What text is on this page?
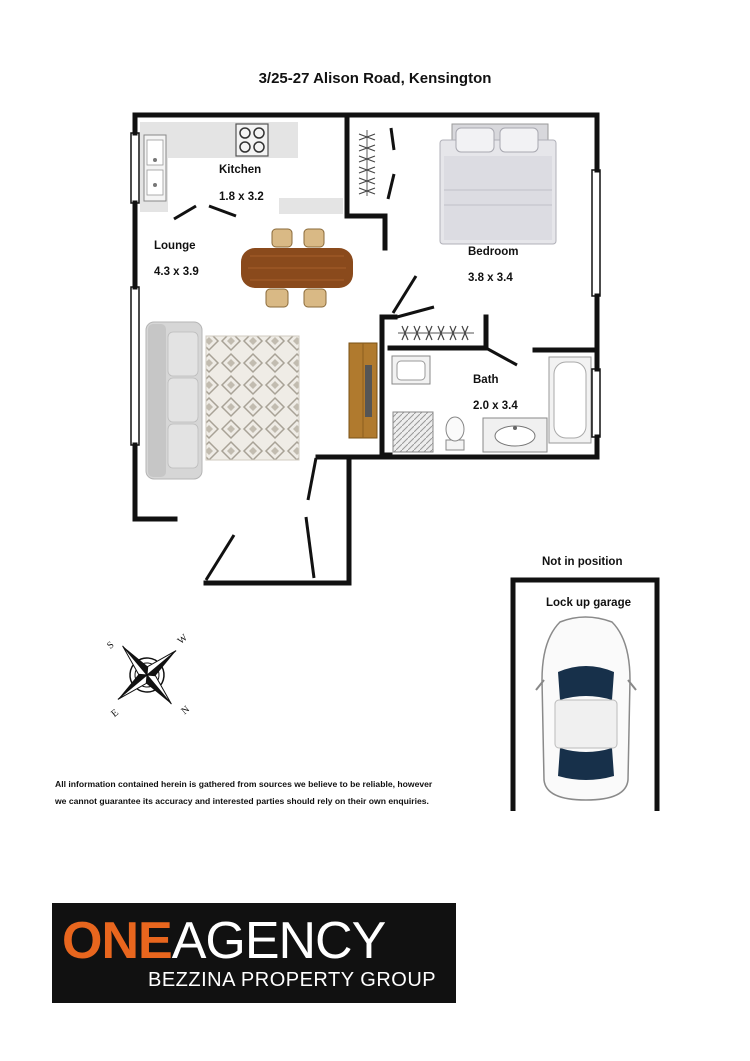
3/25-27 Alison Road, Kensington
Kitchen
1.8 x 3.2
Lounge
4.3 x 3.9
Bedroom
3.8 x 3.4
Bath
2.0 x 3.4
Not in position
Lock up garage
S	W
E	N
All information contained herein is gathered from sources we believe to be reliable, however we cannot guarantee its accuracy and interested parties should rely on their own enquiries.
ONEAGENCY
BEZZINA PROPERTY GROUP
